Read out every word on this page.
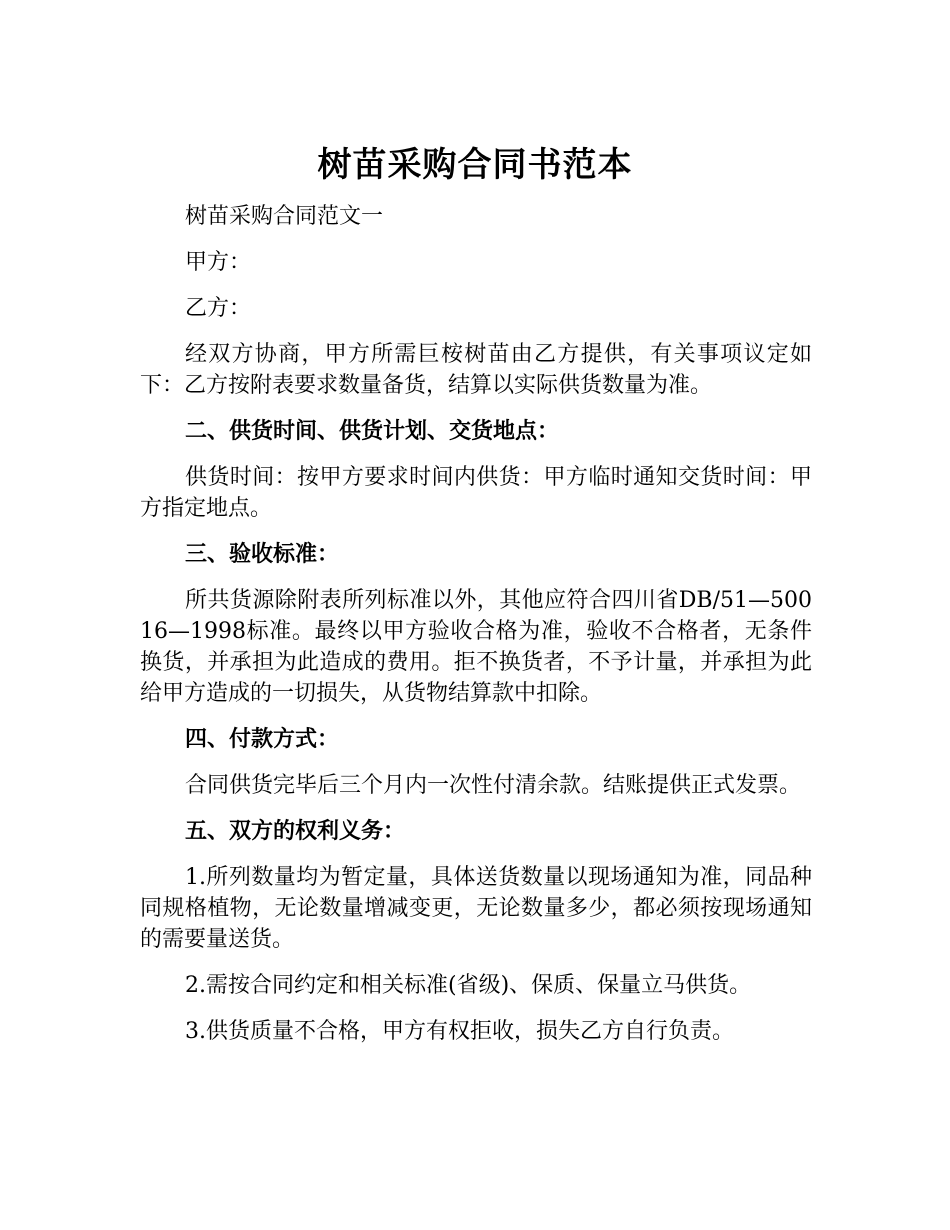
树苗采购合同书范本

树苗采购合同范文一

甲方：

乙方：

经双方协商，甲方所需巨桉树苗由乙方提供，有关事项议定如下：乙方按附表要求数量备货，结算以实际供货数量为准。

二、供货时间、供货计划、交货地点：

供货时间：按甲方要求时间内供货：甲方临时通知交货时间：甲方指定地点。

三、验收标准：

所共货源除附表所列标准以外，其他应符合四川省DB/51—50016—1998标准。最终以甲方验收合格为准，验收不合格者，无条件换货，并承担为此造成的费用。拒不换货者，不予计量，并承担为此给甲方造成的一切损失，从货物结算款中扣除。

四、付款方式：

合同供货完毕后三个月内一次性付清余款。结账提供正式发票。

五、双方的权利义务：

1.所列数量均为暂定量，具体送货数量以现场通知为准，同品种同规格植物，无论数量增减变更，无论数量多少，都必须按现场通知的需要量送货。

2.需按合同约定和相关标准(省级)、保质、保量立马供货。

3.供货质量不合格，甲方有权拒收，损失乙方自行负责。
